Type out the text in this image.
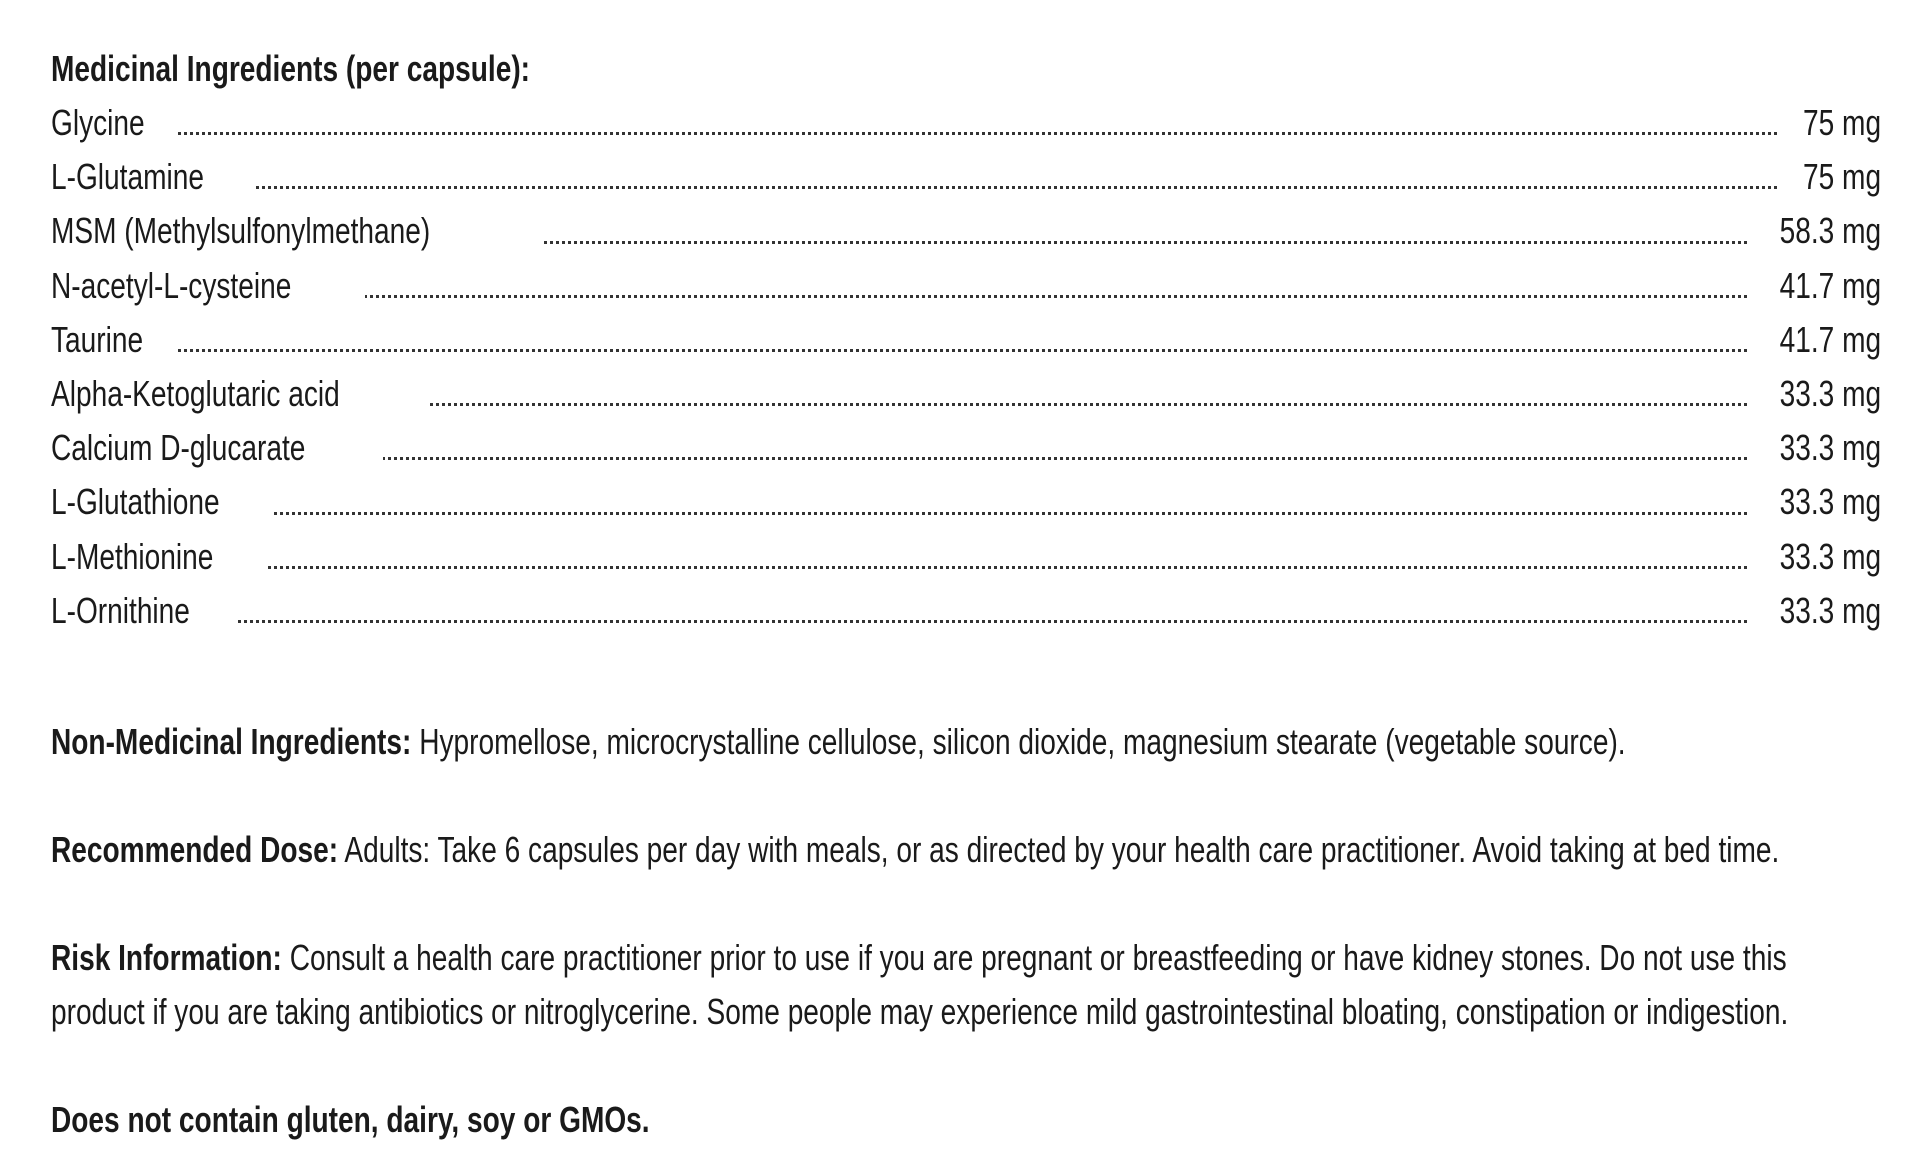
Medicinal Ingredients (per capsule):
Glycine	75 mg
L-Glutamine	75 mg
MSM (Methylsulfonylmethane)	58.3 mg
N-acetyl-L-cysteine	41.7 mg
Taurine	41.7 mg
Alpha-Ketoglutaric acid	33.3 mg
Calcium D-glucarate	33.3 mg
L-Glutathione	33.3 mg
L-Methionine	33.3 mg
L-Ornithine	33.3 mg

Non-Medicinal Ingredients: Hypromellose, microcrystalline cellulose, silicon dioxide, magnesium stearate (vegetable source).

Recommended Dose: Adults: Take 6 capsules per day with meals, or as directed by your health care practitioner. Avoid taking at bed time.

Risk Information: Consult a health care practitioner prior to use if you are pregnant or breastfeeding or have kidney stones. Do not use this
product if you are taking antibiotics or nitroglycerine. Some people may experience mild gastrointestinal bloating, constipation or indigestion.

Does not contain gluten, dairy, soy or GMOs.
